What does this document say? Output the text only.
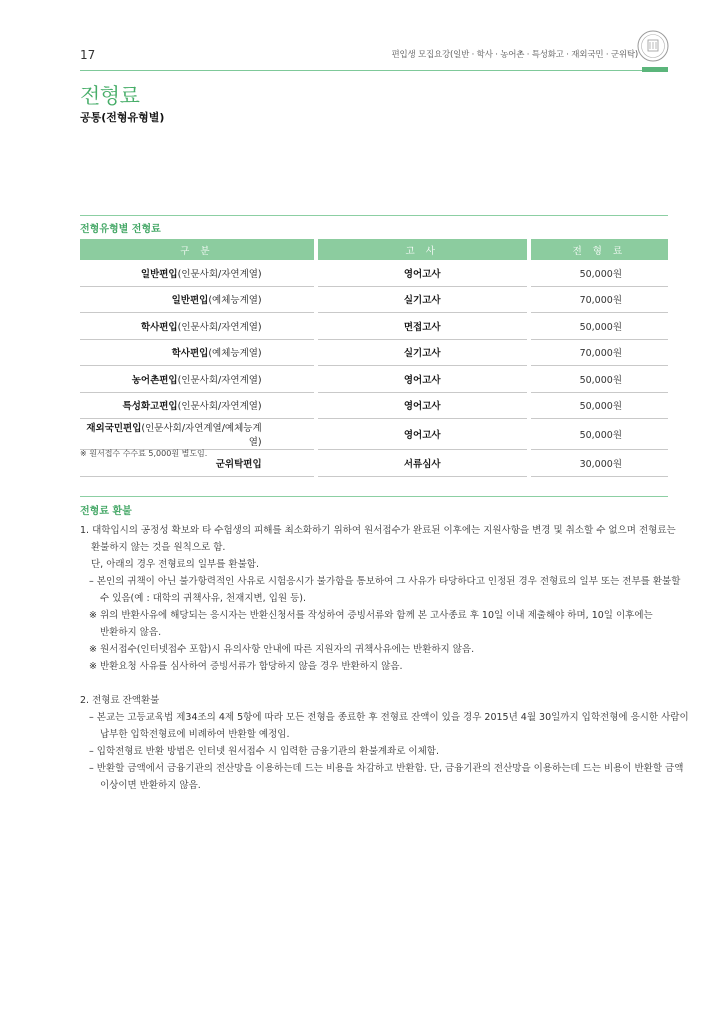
17	편입생 모집요강(일반 · 학사 · 농어촌 · 특성화고 · 재외국민 · 군위탁)
전형료
공통(전형유형별)
전형유형별 전형료
구 분		고 사		전 형 료
일반편입(인문사회/자연계열)		영어고사		50,000원
일반편입(예체능계열)		실기고사		70,000원
학사편입(인문사회/자연계열)		면접고사		50,000원
학사편입(예체능계열)		실기고사		70,000원
농어촌편입(인문사회/자연계열)		영어고사		50,000원
특성화고편입(인문사회/자연계열)		영어고사		50,000원
재외국민편입(인문사회/자연계열/예체능계열)		영어고사		50,000원
군위탁편입		서류심사		30,000원
※ 원서접수 수수료 5,000원 별도임.
전형료 환불
1. 대학입시의 공정성 확보와 타 수험생의 피해를 최소화하기 위하여 원서접수가 완료된 이후에는 지원사항을 변경 및 취소할 수 없으며 전형료는
환불하지 않는 것을 원칙으로 함.
단, 아래의 경우 전형료의 일부를 환불함.
– 본인의 귀책이 아닌 불가항력적인 사유로 시험응시가 불가함을 통보하여 그 사유가 타당하다고 인정된 경우 전형료의 일부 또는 전부를 환불할
수 있음(예 : 대학의 귀책사유, 천재지변, 입원 등).
※ 위의 반환사유에 해당되는 응시자는 반환신청서를 작성하여 증빙서류와 함께 본 고사종료 후 10일 이내 제출해야 하며, 10일 이후에는
반환하지 않음.
※ 원서접수(인터넷접수 포함)시 유의사항 안내에 따른 지원자의 귀책사유에는 반환하지 않음.
※ 반환요청 사유를 심사하여 증빙서류가 합당하지 않을 경우 반환하지 않음.
2. 전형료 잔액환불
– 본교는 고등교육법 제34조의 4제 5항에 따라 모든 전형을 종료한 후 전형료 잔액이 있을 경우 2015년 4월 30일까지 입학전형에 응시한 사람이
납부한 입학전형료에 비례하여 반환할 예정임.
– 입학전형료 반환 방법은 인터넷 원서접수 시 입력한 금융기관의 환불계좌로 이체함.
– 반환할 금액에서 금융기관의 전산망을 이용하는데 드는 비용을 차감하고 반환함. 단, 금융기관의 전산망을 이용하는데 드는 비용이 반환할 금액
이상이면 반환하지 않음.
